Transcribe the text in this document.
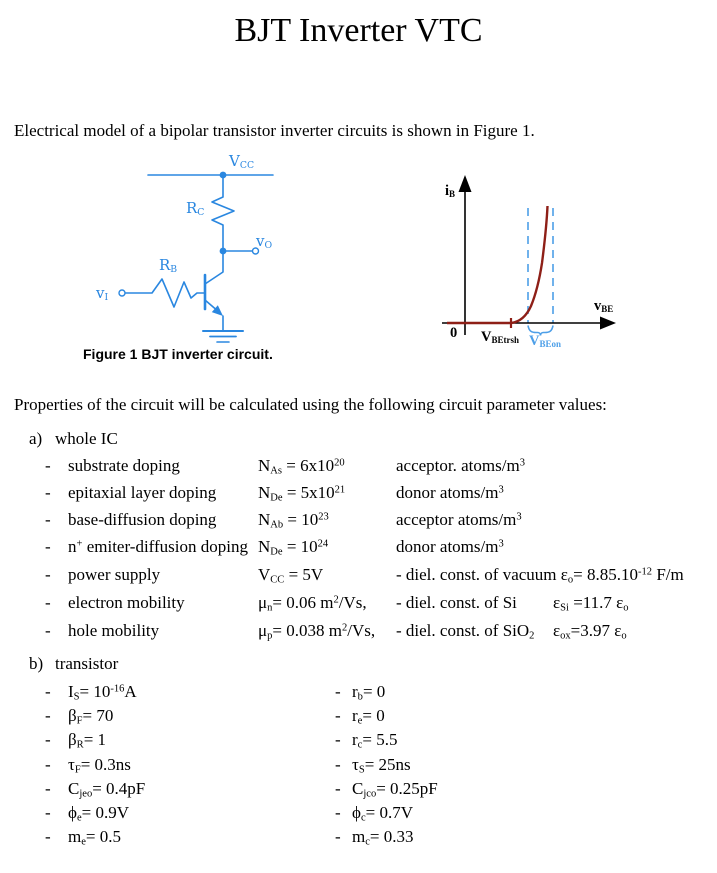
BJT Inverter VTC

Electrical model of a bipolar transistor inverter circuits is shown in Figure 1.

$V_{CC}$
$R_C$
$v_O$
$R_B$
$v_I$
Figure 1 BJT inverter circuit.
$i_B$
$v_{BE}$
0 $V_{BEtrsh}$ $V_{BEon}$

Properties of the circuit will be calculated using the following circuit parameter values:

a) whole IC
- substrate doping	$N_{As} = 6x10^{20}$	acceptor. atoms/$m^3$
- epitaxial layer doping $N_{De} = 5x10^{21}$	donor atoms/$m^3$
- base-diffusion doping $N_{Ab} = 10^{23}$	acceptor atoms/$m^3$
- n+ emiter-diffusion doping $N_{De} = 10^{24}$	donor atoms/$m^3$
- power supply	$V_{CC} = 5V$	- diel. const. of vacuum $\varepsilon_o= 8.85.10^{-12}$ F/m
- electron mobility	$\mu_n= 0.06$ $m^2/Vs$, - diel. const. of Si $\varepsilon_{Si} =11.7$ $\varepsilon_o$
- hole mobility	$\mu_p= 0.038$ $m^2/Vs$, - diel. const. of SiO$_2$ $\varepsilon_{ox}=3.97$ $\varepsilon_o$
b) transistor
- $I_S= 10^{-16}A$	- $r_b= 0$
- $\beta_F= 70$	- $r_e= 0$
- $\beta_R= 1$	- $r_c= 5.5$
- $\tau_F= 0.3ns$	- $\tau_S= 25ns$
- $C_{jeo}= 0.4pF$	- $C_{jco}= 0.25pF$
- $\phi_e= 0.9V$	- $\phi_c= 0.7V$
- $m_e= 0.5$	- $m_c= 0.33$
